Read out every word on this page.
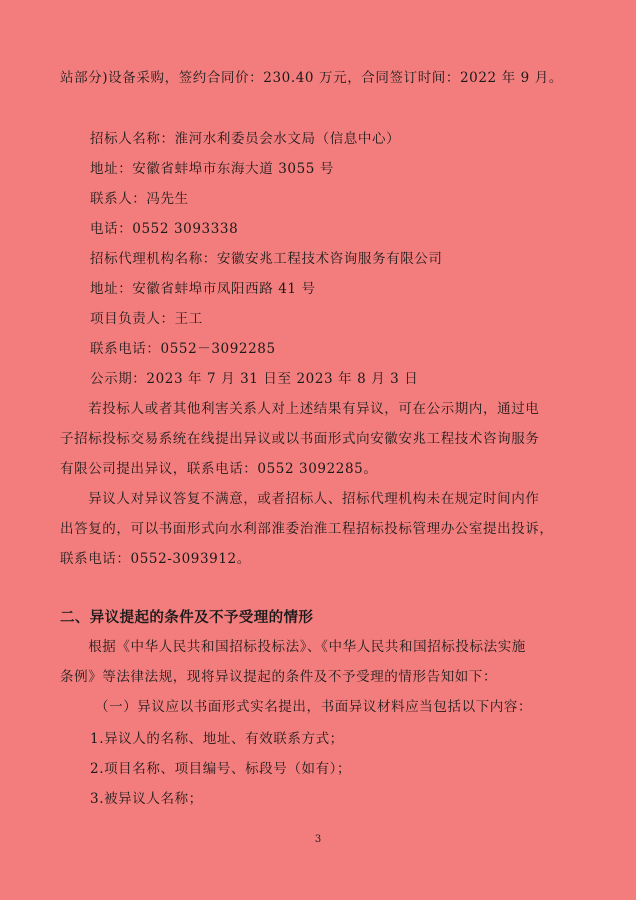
站部分)设备采购，签约合同价：230.40 万元，合同签订时间：2022 年 9 月。
招标人名称：淮河水利委员会水文局（信息中心）
地址：安徽省蚌埠市东海大道 3055 号
联系人：冯先生
电话：0552 3093338
招标代理机构名称：安徽安兆工程技术咨询服务有限公司
地址：安徽省蚌埠市凤阳西路 41 号
项目负责人：王工
联系电话：0552－3092285
公示期：2023 年 7 月 31 日至 2023 年 8 月 3 日
　　若投标人或者其他利害关系人对上述结果有异议，可在公示期内，通过电
子招标投标交易系统在线提出异议或以书面形式向安徽安兆工程技术咨询服务
有限公司提出异议，联系电话：0552 3092285。
　　异议人对异议答复不满意，或者招标人、招标代理机构未在规定时间内作
出答复的，可以书面形式向水利部淮委治淮工程招标投标管理办公室提出投诉，
联系电话：0552-3093912。
二、异议提起的条件及不予受理的情形
　　根据《中华人民共和国招标投标法》、《中华人民共和国招标投标法实施
条例》等法律法规，现将异议提起的条件及不予受理的情形告知如下：
（一）异议应以书面形式实名提出，书面异议材料应当包括以下内容：
1.异议人的名称、地址、有效联系方式；
2.项目名称、项目编号、标段号（如有）；
3.被异议人名称；
3
